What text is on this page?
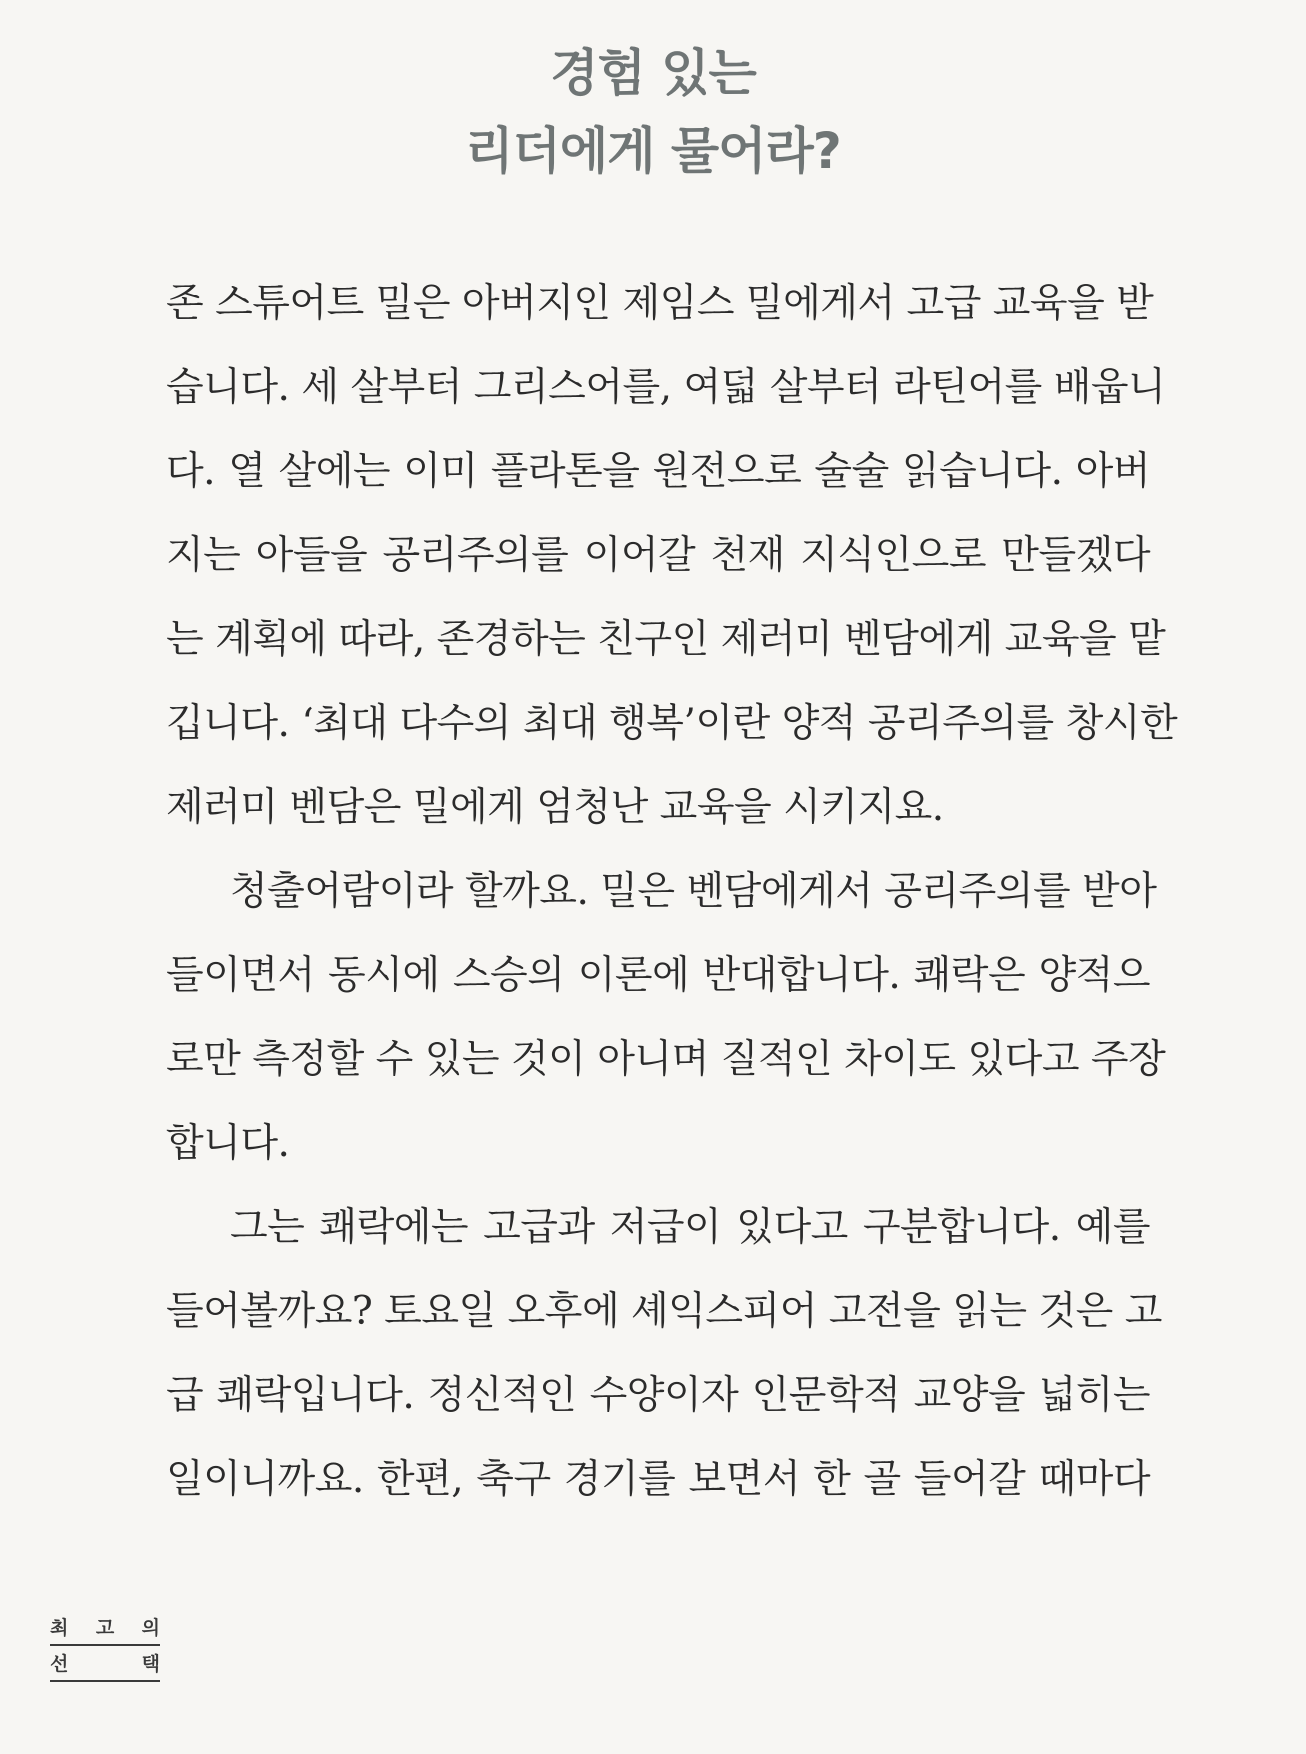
경험 있는
리더에게 물어라?
존 스튜어트 밀은 아버지인 제임스 밀에게서 고급 교육을 받
습니다. 세 살부터 그리스어를, 여덟 살부터 라틴어를 배웁니
다. 열 살에는 이미 플라톤을 원전으로 술술 읽습니다. 아버
지는 아들을 공리주의를 이어갈 천재 지식인으로 만들겠다
는 계획에 따라, 존경하는 친구인 제러미 벤담에게 교육을 맡
깁니다. ‘최대 다수의 최대 행복’이란 양적 공리주의를 창시한
제러미 벤담은 밀에게 엄청난 교육을 시키지요.
청출어람이라 할까요. 밀은 벤담에게서 공리주의를 받아
들이면서 동시에 스승의 이론에 반대합니다. 쾌락은 양적으
로만 측정할 수 있는 것이 아니며 질적인 차이도 있다고 주장
합니다.
그는 쾌락에는 고급과 저급이 있다고 구분합니다. 예를
들어볼까요? 토요일 오후에 셰익스피어 고전을 읽는 것은 고
급 쾌락입니다. 정신적인 수양이자 인문학적 교양을 넓히는
일이니까요. 한편, 축구 경기를 보면서 한 골 들어갈 때마다
최 고 의
선	택
